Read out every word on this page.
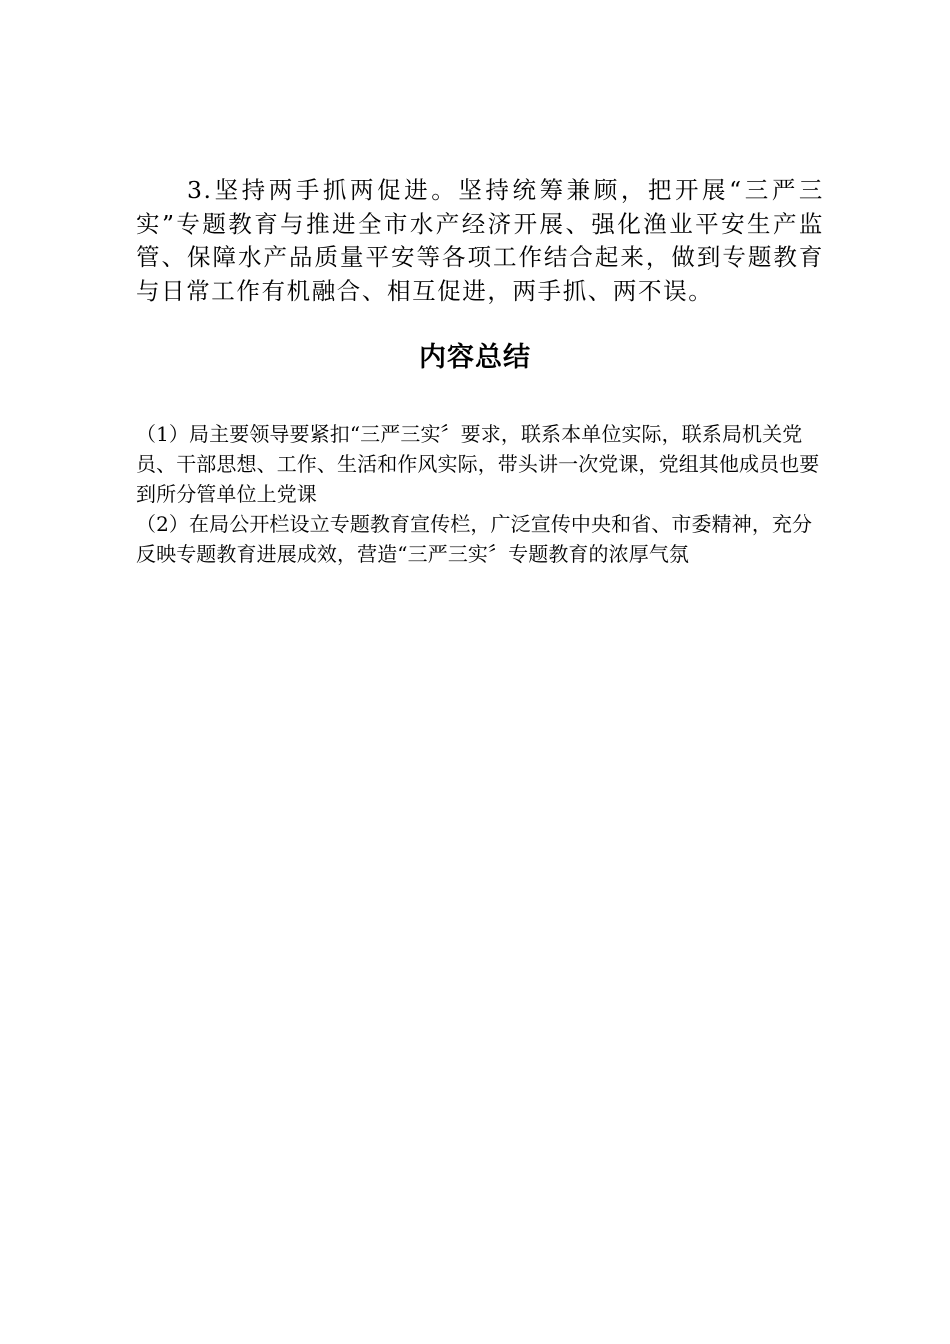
3.坚持两手抓两促进。坚持统筹兼顾，把开展“三严三实”专题教育与推进全市水产经济开展、强化渔业平安生产监管、保障水产品质量平安等各项工作结合起来，做到专题教育与日常工作有机融合、相互促进，两手抓、两不误。

内容总结
（1）局主要领导要紧扣“三严三实〞要求，联系本单位实际，联系局机关党员、干部思想、工作、生活和作风实际，带头讲一次党课，党组其他成员也要到所分管单位上党课
（2）在局公开栏设立专题教育宣传栏，广泛宣传中央和省、市委精神，充分反映专题教育进展成效，营造“三严三实〞专题教育的浓厚气氛
